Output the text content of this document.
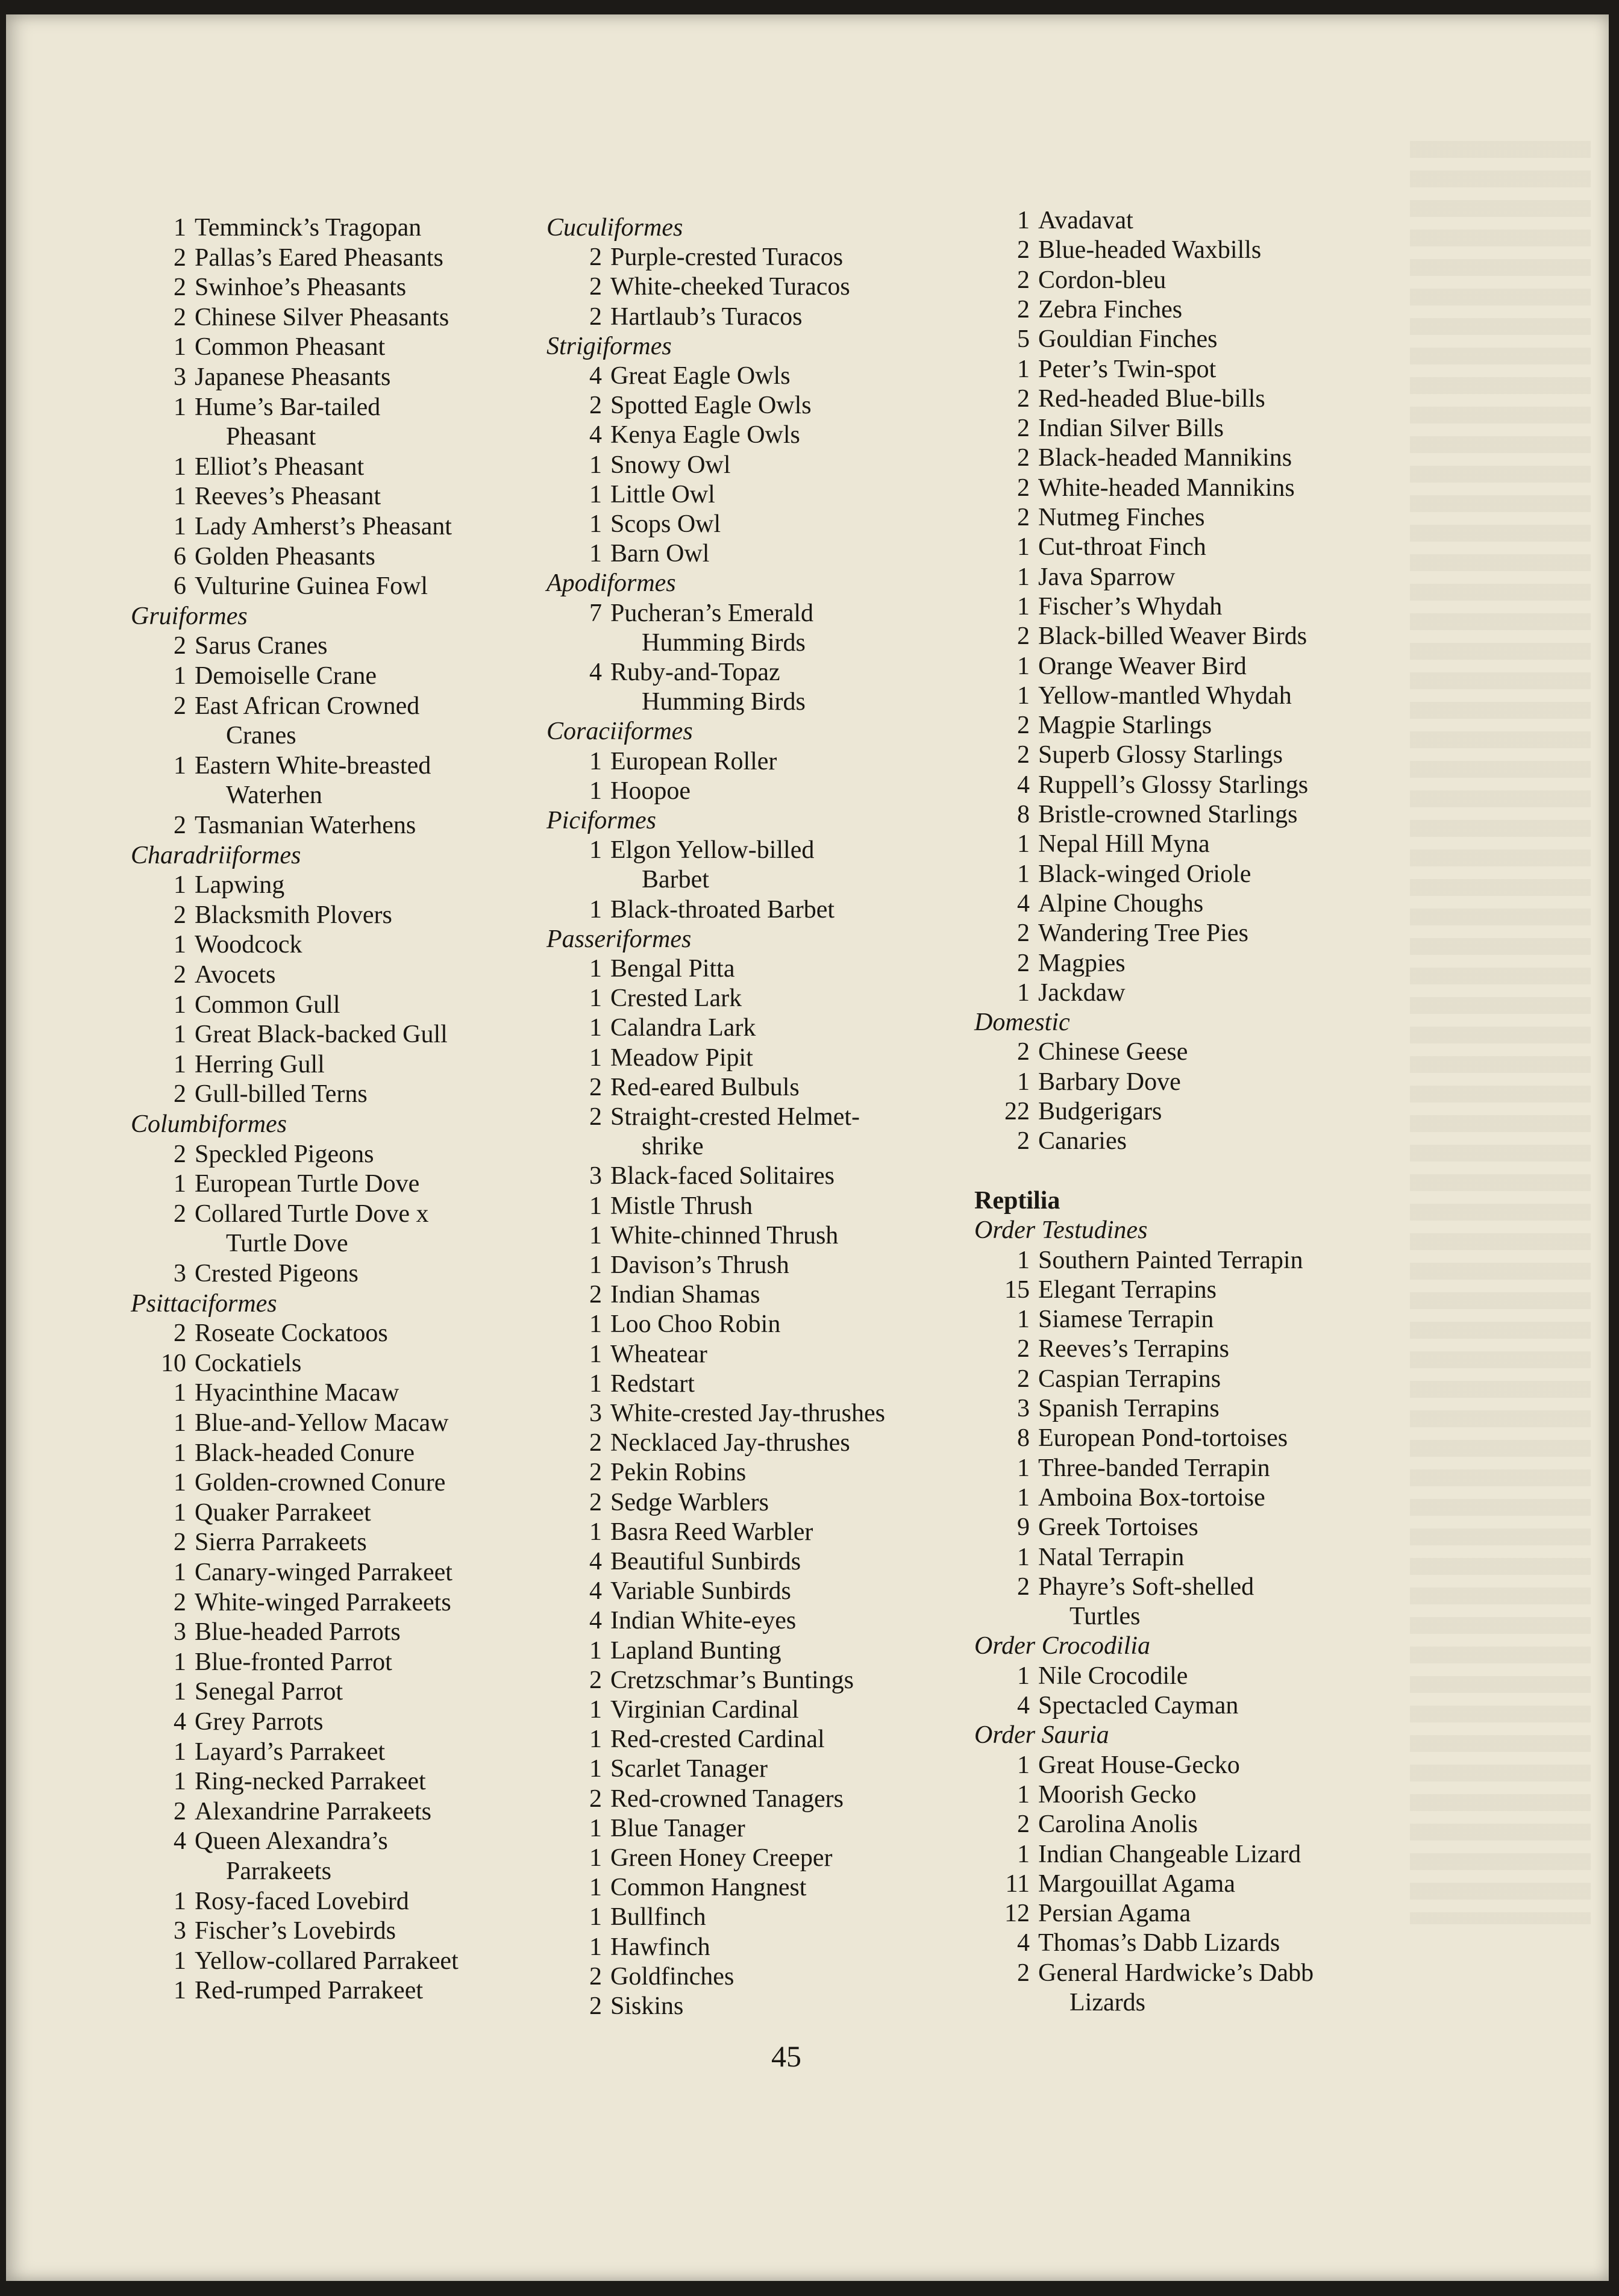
1 Temminck’s Tragopan
2 Pallas’s Eared Pheasants
2 Swinhoe’s Pheasants
2 Chinese Silver Pheasants
1 Common Pheasant
3 Japanese Pheasants
1 Hume’s Bar-tailed
Pheasant
1 Elliot’s Pheasant
1 Reeves’s Pheasant
1 Lady Amherst’s Pheasant
6 Golden Pheasants
6 Vulturine Guinea Fowl
Gruiformes
2 Sarus Cranes
1 Demoiselle Crane
2 East African Crowned
Cranes
1 Eastern White-breasted
Waterhen
2 Tasmanian Waterhens
Charadriiformes
1 Lapwing
2 Blacksmith Plovers
1 Woodcock
2 Avocets
1 Common Gull
1 Great Black-backed Gull
1 Herring Gull
2 Gull-billed Terns
Columbiformes
2 Speckled Pigeons
1 European Turtle Dove
2 Collared Turtle Dove x
Turtle Dove
3 Crested Pigeons
Psittaciformes
2 Roseate Cockatoos
10 Cockatiels
1 Hyacinthine Macaw
1 Blue-and-Yellow Macaw
1 Black-headed Conure
1 Golden-crowned Conure
1 Quaker Parrakeet
2 Sierra Parrakeets
1 Canary-winged Parrakeet
2 White-winged Parrakeets
3 Blue-headed Parrots
1 Blue-fronted Parrot
1 Senegal Parrot
4 Grey Parrots
1 Layard’s Parrakeet
1 Ring-necked Parrakeet
2 Alexandrine Parrakeets
4 Queen Alexandra’s
Parrakeets
1 Rosy-faced Lovebird
3 Fischer’s Lovebirds
1 Yellow-collared Parrakeet
1 Red-rumped Parrakeet
Cuculiformes
2 Purple-crested Turacos
2 White-cheeked Turacos
2 Hartlaub’s Turacos
Strigiformes
4 Great Eagle Owls
2 Spotted Eagle Owls
4 Kenya Eagle Owls
1 Snowy Owl
1 Little Owl
1 Scops Owl
1 Barn Owl
Apodiformes
7 Pucheran’s Emerald
Humming Birds
4 Ruby-and-Topaz
Humming Birds
Coraciiformes
1 European Roller
1 Hoopoe
Piciformes
1 Elgon Yellow-billed
Barbet
1 Black-throated Barbet
Passeriformes
1 Bengal Pitta
1 Crested Lark
1 Calandra Lark
1 Meadow Pipit
2 Red-eared Bulbuls
2 Straight-crested Helmet-
shrike
3 Black-faced Solitaires
1 Mistle Thrush
1 White-chinned Thrush
1 Davison’s Thrush
2 Indian Shamas
1 Loo Choo Robin
1 Wheatear
1 Redstart
3 White-crested Jay-thrushes
2 Necklaced Jay-thrushes
2 Pekin Robins
2 Sedge Warblers
1 Basra Reed Warbler
4 Beautiful Sunbirds
4 Variable Sunbirds
4 Indian White-eyes
1 Lapland Bunting
2 Cretzschmar’s Buntings
1 Virginian Cardinal
1 Red-crested Cardinal
1 Scarlet Tanager
2 Red-crowned Tanagers
1 Blue Tanager
1 Green Honey Creeper
1 Common Hangnest
1 Bullfinch
1 Hawfinch
2 Goldfinches
2 Siskins
1 Avadavat
2 Blue-headed Waxbills
2 Cordon-bleu
2 Zebra Finches
5 Gouldian Finches
1 Peter’s Twin-spot
2 Red-headed Blue-bills
2 Indian Silver Bills
2 Black-headed Mannikins
2 White-headed Mannikins
2 Nutmeg Finches
1 Cut-throat Finch
1 Java Sparrow
1 Fischer’s Whydah
2 Black-billed Weaver Birds
1 Orange Weaver Bird
1 Yellow-mantled Whydah
2 Magpie Starlings
2 Superb Glossy Starlings
4 Ruppell’s Glossy Starlings
8 Bristle-crowned Starlings
1 Nepal Hill Myna
1 Black-winged Oriole
4 Alpine Choughs
2 Wandering Tree Pies
2 Magpies
1 Jackdaw
Domestic
2 Chinese Geese
1 Barbary Dove
22 Budgerigars
2 Canaries
Reptilia
Order Testudines
1 Southern Painted Terrapin
15 Elegant Terrapins
1 Siamese Terrapin
2 Reeves’s Terrapins
2 Caspian Terrapins
3 Spanish Terrapins
8 European Pond-tortoises
1 Three-banded Terrapin
1 Amboina Box-tortoise
9 Greek Tortoises
1 Natal Terrapin
2 Phayre’s Soft-shelled
Turtles
Order Crocodilia
1 Nile Crocodile
4 Spectacled Cayman
Order Sauria
1 Great House-Gecko
1 Moorish Gecko
2 Carolina Anolis
1 Indian Changeable Lizard
11 Margouillat Agama
12 Persian Agama
4 Thomas’s Dabb Lizards
2 General Hardwicke’s Dabb
Lizards
45
